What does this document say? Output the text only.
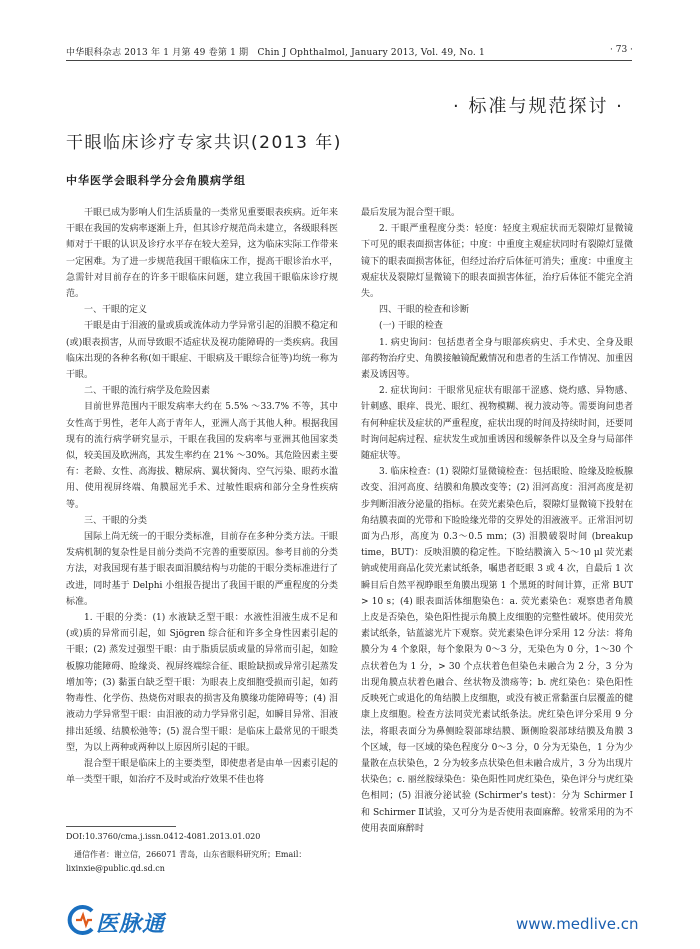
中华眼科杂志 2013 年 1 月第 49 卷第 1 期　Chin J Ophthalmol, January 2013, Vol. 49, No. 1	· 73 ·
· 标准与规范探讨 ·
干眼临床诊疗专家共识(2013 年)
中华医学会眼科学分会角膜病学组

干眼已成为影响人们生活质量的一类常见重要眼表疾病。近年来干眼在我国的发病率逐渐上升，但其诊疗规范尚未建立，各级眼科医师对于干眼的认识及诊疗水平存在较大差异，这为临床实际工作带来一定困难。为了进一步规范我国干眼临床工作，提高干眼诊治水平，急需针对目前存在的许多干眼临床问题，建立我国干眼临床诊疗规范。

一、干眼的定义

干眼是由于泪液的量或质或流体动力学异常引起的泪膜不稳定和(或)眼表损害，从而导致眼不适症状及视功能障碍的一类疾病。我国临床出现的各种名称(如干眼症、干眼病及干眼综合征等)均统一称为干眼。

二、干眼的流行病学及危险因素

目前世界范围内干眼发病率大约在 5.5% ～33.7% 不等，其中女性高于男性，老年人高于青年人，亚洲人高于其他人种。根据我国现有的流行病学研究显示，干眼在我国的发病率与亚洲其他国家类似，较美国及欧洲高，其发生率约在 21% ～30%。其危险因素主要有：老龄、女性、高海拔、糖尿病、翼状胬肉、空气污染、眼药水滥用、使用视屏终端、角膜屈光手术、过敏性眼病和部分全身性疾病等。

三、干眼的分类

国际上尚无统一的干眼分类标准，目前存在多种分类方法。干眼发病机制的复杂性是目前分类尚不完善的重要原因。参考目前的分类方法，对我国现有基于眼表面泪膜结构与功能的干眼分类标准进行了改进，同时基于 Delphi 小组报告提出了我国干眼的严重程度的分类标准。

1. 干眼的分类：(1) 水液缺乏型干眼：水液性泪液生成不足和(或)质的异常而引起，如 Sjögren 综合征和许多全身性因素引起的干眼；(2) 蒸发过强型干眼：由于脂质层质或量的异常而引起，如睑板腺功能障碍、睑缘炎、视屏终端综合征、眼睑缺损或异常引起蒸发增加等；(3) 黏蛋白缺乏型干眼：为眼表上皮细胞受损而引起，如药物毒性、化学伤、热烧伤对眼表的损害及角膜缘功能障碍等；(4) 泪液动力学异常型干眼：由泪液的动力学异常引起，如瞬目异常、泪液排出延缓、结膜松弛等；(5) 混合型干眼：是临床上最常见的干眼类型，为以上两种或两种以上原因所引起的干眼。

混合型干眼是临床上的主要类型，即使患者是由单一因素引起的单一类型干眼，如治疗不及时或治疗效果不佳也将

最后发展为混合型干眼。

2. 干眼严重程度分类：轻度：轻度主观症状而无裂隙灯显微镜下可见的眼表面损害体征；中度：中重度主观症状同时有裂隙灯显微镜下的眼表面损害体征，但经过治疗后体征可消失；重度：中重度主观症状及裂隙灯显微镜下的眼表面损害体征，治疗后体征不能完全消失。

四、干眼的检查和诊断

(一) 干眼的检查

1. 病史询问：包括患者全身与眼部疾病史、手术史、全身及眼部药物治疗史、角膜接触镜配戴情况和患者的生活工作情况、加重因素及诱因等。

2. 症状询问：干眼常见症状有眼部干涩感、烧灼感、异物感、针刺感、眼痒、畏光、眼红、视物模糊、视力波动等。需要询问患者有何种症状及症状的严重程度，症状出现的时间及持续时间，还要同时询问起病过程、症状发生或加重诱因和缓解条件以及全身与局部伴随症状等。

3. 临床检查：(1) 裂隙灯显微镜检查：包括眼睑、睑缘及睑板腺改变、泪河高度、结膜和角膜改变等；(2) 泪河高度：泪河高度是初步判断泪液分泌量的指标。在荧光素染色后，裂隙灯显微镜下投射在角结膜表面的光带和下睑睑缘光带的交界处的泪液液平。正常泪河切面为凸形，高度为 0.3～0.5 mm；(3) 泪膜破裂时间 (breakup time，BUT)：反映泪膜的稳定性。下睑结膜滴入 5～10 μl 荧光素钠或使用商品化荧光素试纸条，嘱患者眨眼 3 或 4 次，自最后 1 次瞬目后自然平视睁眼至角膜出现第 1 个黑斑的时间计算，正常 BUT > 10 s；(4) 眼表面活体细胞染色：a. 荧光素染色：观察患者角膜上皮是否染色，染色阳性提示角膜上皮细胞的完整性破坏。使用荧光素试纸条，钴蓝滤光片下观察。荧光素染色评分采用 12 分法：将角膜分为 4 个象限，每个象限为 0～3 分，无染色为 0 分，1～30 个点状着色为 1 分，> 30 个点状着色但染色未融合为 2 分，3 分为出现角膜点状着色融合、丝状物及溃疡等；b. 虎红染色：染色阳性反映死亡或退化的角结膜上皮细胞，或没有被正常黏蛋白层覆盖的健康上皮细胞。检查方法同荧光素试纸条法。虎红染色评分采用 9 分法，将眼表面分为鼻侧睑裂部球结膜、颞侧睑裂部球结膜及角膜 3 个区域，每一区域的染色程度分 0～3 分，0 分为无染色，1 分为少量散在点状染色，2 分为较多点状染色但未融合成片，3 分为出现片状染色；c. 丽丝胺绿染色：染色阳性同虎红染色，染色评分与虎红染色相同；(5) 泪液分泌试验 (Schirmer's test)：分为 Schirmer Ⅰ和 Schirmer Ⅱ试验，又可分为是否使用表面麻醉。较常采用的为不使用表面麻醉时

DOI:10.3760/cma.j.issn.0412-4081.2013.01.020
通信作者：谢立信，266071 青岛，山东省眼科研究所；Email：lixinxie@public.qd.sd.cn
医脉通	www.medlive.cn
